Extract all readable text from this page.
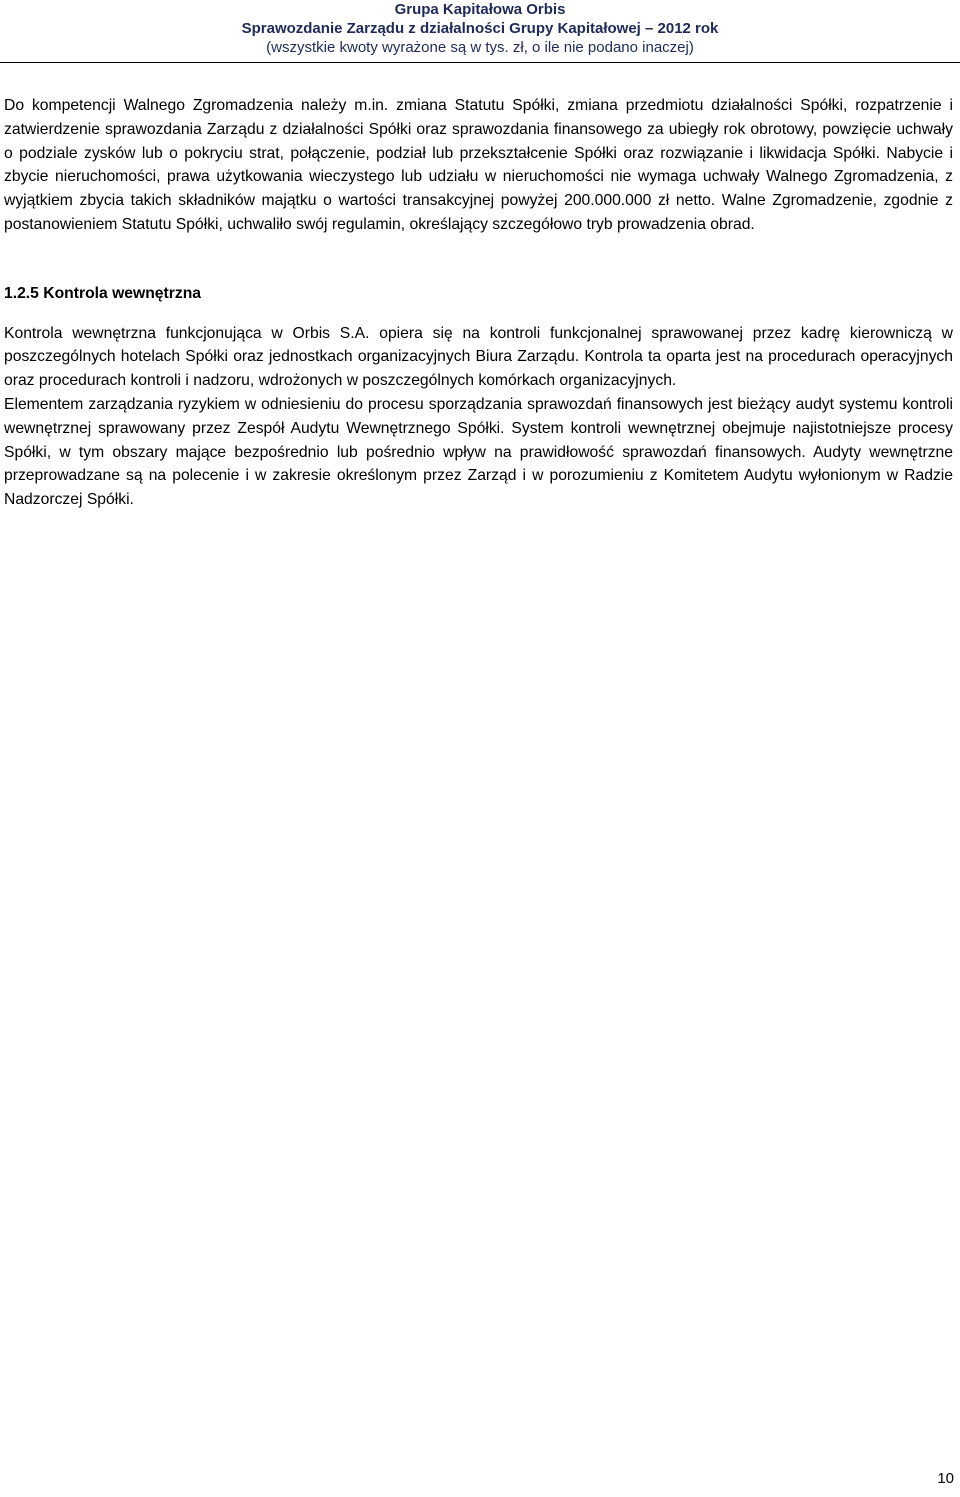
Grupa Kapitałowa Orbis
Sprawozdanie Zarządu z działalności Grupy Kapitałowej – 2012 rok
(wszystkie kwoty wyrażone są w tys. zł, o ile nie podano inaczej)

Do kompetencji Walnego Zgromadzenia należy m.in. zmiana Statutu Spółki, zmiana przedmiotu działalności Spółki, rozpatrzenie i zatwierdzenie sprawozdania Zarządu z działalności Spółki oraz sprawozdania finansowego za ubiegły rok obrotowy, powzięcie uchwały o podziale zysków lub o pokryciu strat, połączenie, podział lub przekształcenie Spółki oraz rozwiązanie i likwidacja Spółki. Nabycie i zbycie nieruchomości, prawa użytkowania wieczystego lub udziału w nieruchomości nie wymaga uchwały Walnego Zgromadzenia, z wyjątkiem zbycia takich składników majątku o wartości transakcyjnej powyżej 200.000.000 zł netto. Walne Zgromadzenie, zgodnie z postanowieniem Statutu Spółki, uchwaliło swój regulamin, określający szczegółowo tryb prowadzenia obrad.

1.2.5 Kontrola wewnętrzna

Kontrola wewnętrzna funkcjonująca w Orbis S.A. opiera się na kontroli funkcjonalnej sprawowanej przez kadrę kierowniczą w poszczególnych hotelach Spółki oraz jednostkach organizacyjnych Biura Zarządu. Kontrola ta oparta jest na procedurach operacyjnych oraz procedurach kontroli i nadzoru, wdrożonych w poszczególnych komórkach organizacyjnych.

Elementem zarządzania ryzykiem w odniesieniu do procesu sporządzania sprawozdań finansowych jest bieżący audyt systemu kontroli wewnętrznej sprawowany przez Zespół Audytu Wewnętrznego Spółki. System kontroli wewnętrznej obejmuje najistotniejsze procesy Spółki, w tym obszary mające bezpośrednio lub pośrednio wpływ na prawidłowość sprawozdań finansowych. Audyty wewnętrzne przeprowadzane są na polecenie i w zakresie określonym przez Zarząd i w porozumieniu z Komitetem Audytu wyłonionym w Radzie Nadzorczej Spółki.

10
